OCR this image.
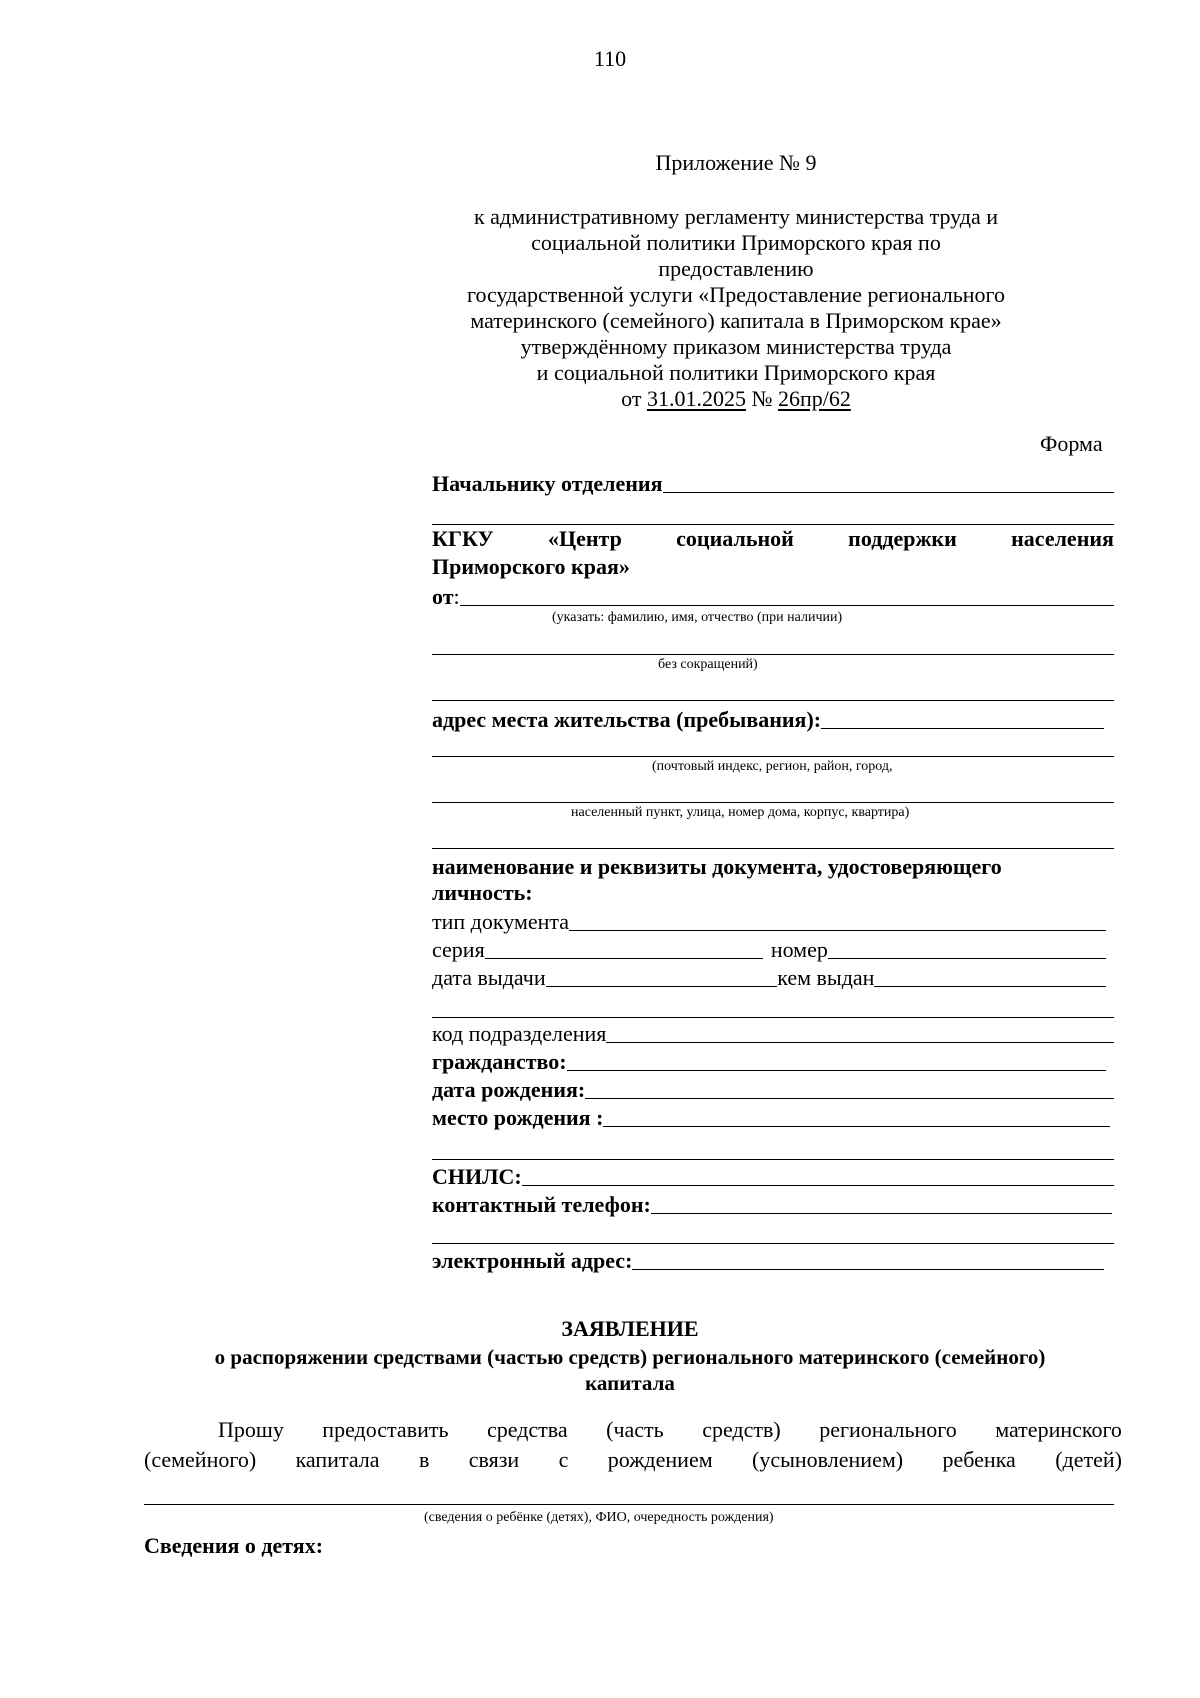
110
Приложение № 9
к административному регламенту министерства труда и
социальной политики Приморского края по предоставлению
государственной услуги «Предоставление регионального
материнского (семейного) капитала в Приморском крае»
утверждённому приказом министерства труда
и социальной политики Приморского края
от 31.01.2025 № 26пр/62
Форма
Начальнику отделения
КГКУ «Центр социальной поддержки населения
Приморского края»
от :
(указать: фамилию, имя, отчество (при наличии)
без сокращений)
адрес места жительства (пребывания):
(почтовый индекс, регион, район, город,
населенный пункт, улица, номер дома, корпус, квартира)
наименование и реквизиты документа, удостоверяющего
личность:
тип документа
серия	номер
дата выдачи	кем выдан
код подразделения
гражданство:
дата рождения:
место рождения :
СНИЛС:
контактный телефон:
электронный адрес:
ЗАЯВЛЕНИЕ
о распоряжении средствами (частью средств) регионального материнского (семейного)
капитала
Прошу предоставить средства (часть средств) регионального материнского
(семейного) капитала в связи с рождением (усыновлением) ребенка (детей)
(сведения о ребёнке (детях), ФИО, очередность рождения)
Сведения о детях:
